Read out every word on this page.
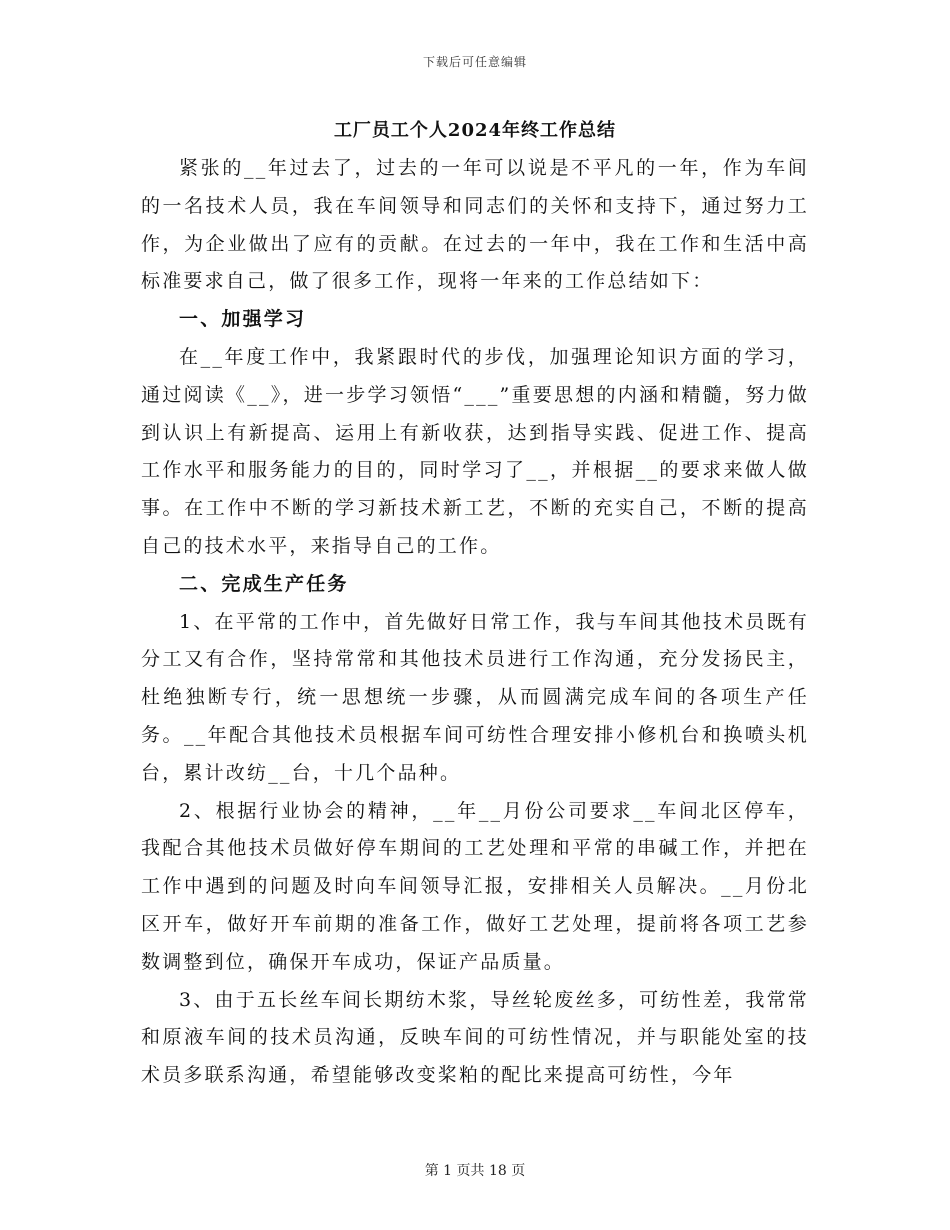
下载后可任意编辑
工厂员工个人2024年终工作总结

紧张的__年过去了，过去的一年可以说是不平凡的一年，作为车间的一名技术人员，我在车间领导和同志们的关怀和支持下，通过努力工作，为企业做出了应有的贡献。在过去的一年中，我在工作和生活中高标准要求自己，做了很多工作，现将一年来的工作总结如下：

一、加强学习

在__年度工作中，我紧跟时代的步伐，加强理论知识方面的学习，通过阅读《__》，进一步学习领悟“___”重要思想的内涵和精髓，努力做到认识上有新提高、运用上有新收获，达到指导实践、促进工作、提高工作水平和服务能力的目的，同时学习了__，并根据__的要求来做人做事。在工作中不断的学习新技术新工艺，不断的充实自己，不断的提高自己的技术水平，来指导自己的工作。

二、完成生产任务

1、在平常的工作中，首先做好日常工作，我与车间其他技术员既有分工又有合作，坚持常常和其他技术员进行工作沟通，充分发扬民主，杜绝独断专行，统一思想统一步骤，从而圆满完成车间的各项生产任务。__年配合其他技术员根据车间可纺性合理安排小修机台和换喷头机台，累计改纺__台，十几个品种。

2、根据行业协会的精神，__年__月份公司要求__车间北区停车，我配合其他技术员做好停车期间的工艺处理和平常的串碱工作，并把在工作中遇到的问题及时向车间领导汇报，安排相关人员解决。__月份北区开车，做好开车前期的准备工作，做好工艺处理，提前将各项工艺参数调整到位，确保开车成功，保证产品质量。

3、由于五长丝车间长期纺木浆，导丝轮废丝多，可纺性差，我常常和原液车间的技术员沟通，反映车间的可纺性情况，并与职能处室的技术员多联系沟通，希望能够改变桨粕的配比来提高可纺性，今年

第 1 页共 18 页
